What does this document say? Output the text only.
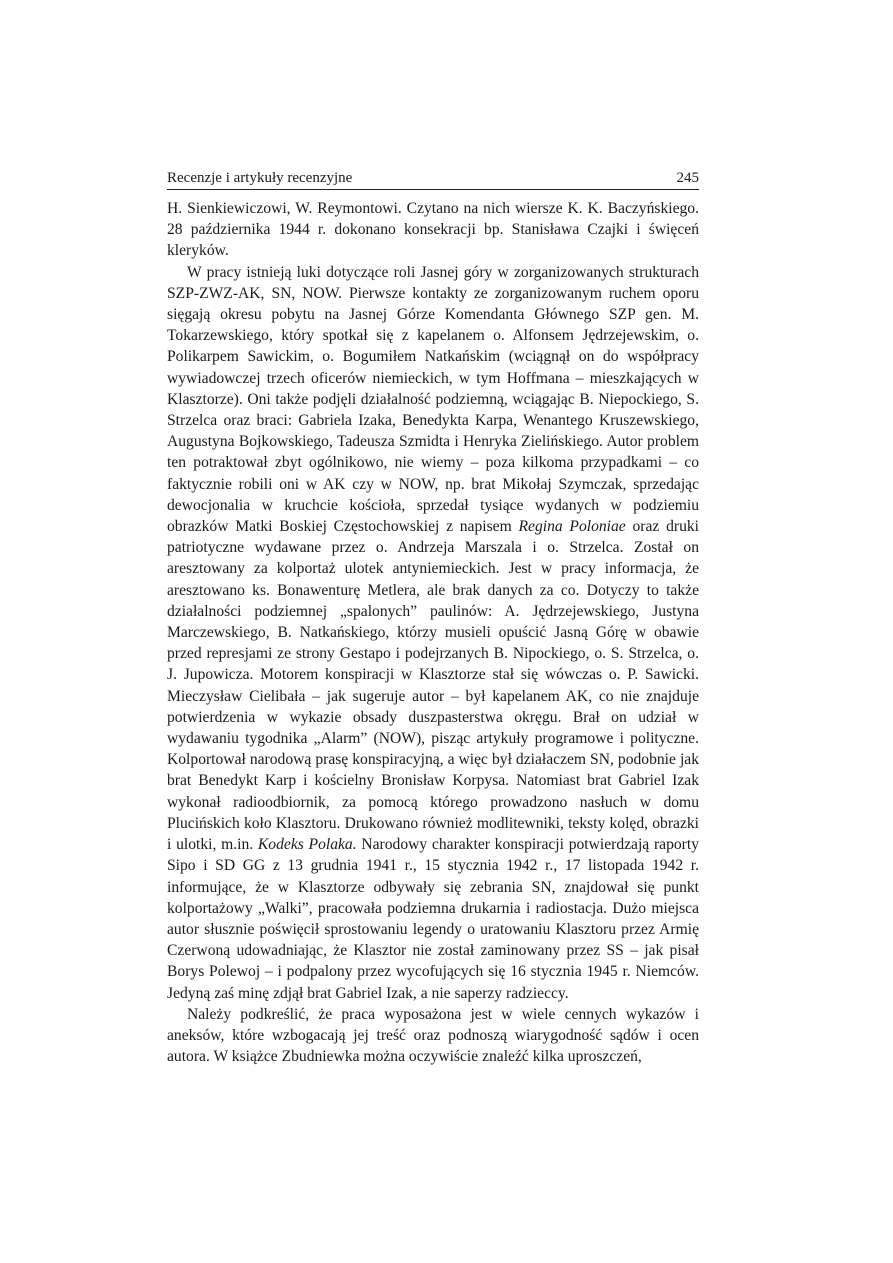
Recenzje i artykuły recenzyjne	245

H. Sienkiewiczowi, W. Reymontowi. Czytano na nich wiersze K. K. Baczyńskiego. 28 października 1944 r. dokonano konsekracji bp. Stanisława Czajki i święceń kleryków.

W pracy istnieją luki dotyczące roli Jasnej góry w zorganizowanych strukturach SZP-ZWZ-AK, SN, NOW. Pierwsze kontakty ze zorganizowanym ruchem oporu sięgają okresu pobytu na Jasnej Górze Komendanta Głównego SZP gen. M. Tokarzewskiego, który spotkał się z kapelanem o. Alfonsem Jędrzejewskim, o. Polikarpem Sawickim, o. Bogumiłem Natkańskim (wciągnął on do współpracy wywiadowczej trzech oficerów niemieckich, w tym Hoffmana – mieszkających w Klasztorze). Oni także podjęli działalność podziemną, wciągając B. Niepockiego, S. Strzelca oraz braci: Gabriela Izaka, Benedykta Karpa, Wenantego Kruszewskiego, Augustyna Bojkowskiego, Tadeusza Szmidta i Henryka Zielińskiego. Autor problem ten potraktował zbyt ogólnikowo, nie wiemy – poza kilkoma przypadkami – co faktycznie robili oni w AK czy w NOW, np. brat Mikołaj Szymczak, sprzedając dewocjonalia w kruchcie kościoła, sprzedał tysiące wydanych w podziemiu obrazków Matki Boskiej Częstochowskiej z napisem Regina Poloniae oraz druki patriotyczne wydawane przez o. Andrzeja Marszala i o. Strzelca. Został on aresztowany za kolportaż ulotek antyniemieckich. Jest w pracy informacja, że aresztowano ks. Bonawenturę Metlera, ale brak danych za co. Dotyczy to także działalności podziemnej „spalonych” paulinów: A. Jędrzejewskiego, Justyna Marczewskiego, B. Natkańskiego, którzy musieli opuścić Jasną Górę w obawie przed represjami ze strony Gestapo i podejrzanych B. Nipockiego, o. S. Strzelca, o. J. Jupowicza. Motorem konspiracji w Klasztorze stał się wówczas o. P. Sawicki. Mieczysław Cielibała – jak sugeruje autor – był kapelanem AK, co nie znajduje potwierdzenia w wykazie obsady duszpasterstwa okręgu. Brał on udział w wydawaniu tygodnika „Alarm” (NOW), pisząc artykuły programowe i polityczne. Kolportował narodową prasę konspiracyjną, a więc był działaczem SN, podobnie jak brat Benedykt Karp i kościelny Bronisław Korpysa. Natomiast brat Gabriel Izak wykonał radioodbiornik, za pomocą którego prowadzono nasłuch w domu Plucińskich koło Klasztoru. Drukowano również modlitewniki, teksty kolęd, obrazki i ulotki, m.in. Kodeks Polaka. Narodowy charakter konspiracji potwierdzają raporty Sipo i SD GG z 13 grudnia 1941 r., 15 stycznia 1942 r., 17 listopada 1942 r. informujące, że w Klasztorze odbywały się zebrania SN, znajdował się punkt kolportażowy „Walki”, pracowała podziemna drukarnia i radiostacja. Dużo miejsca autor słusznie poświęcił sprostowaniu legendy o uratowaniu Klasztoru przez Armię Czerwoną udowadniając, że Klasztor nie został zaminowany przez SS – jak pisał Borys Polewoj – i podpalony przez wycofujących się 16 stycznia 1945 r. Niemców. Jedyną zaś minę zdjął brat Gabriel Izak, a nie saperzy radzieccy.

Należy podkreślić, że praca wyposażona jest w wiele cennych wykazów i aneksów, które wzbogacają jej treść oraz podnoszą wiarygodność sądów i ocen autora. W książce Zbudniewka można oczywiście znaleźć kilka uproszczeń,
